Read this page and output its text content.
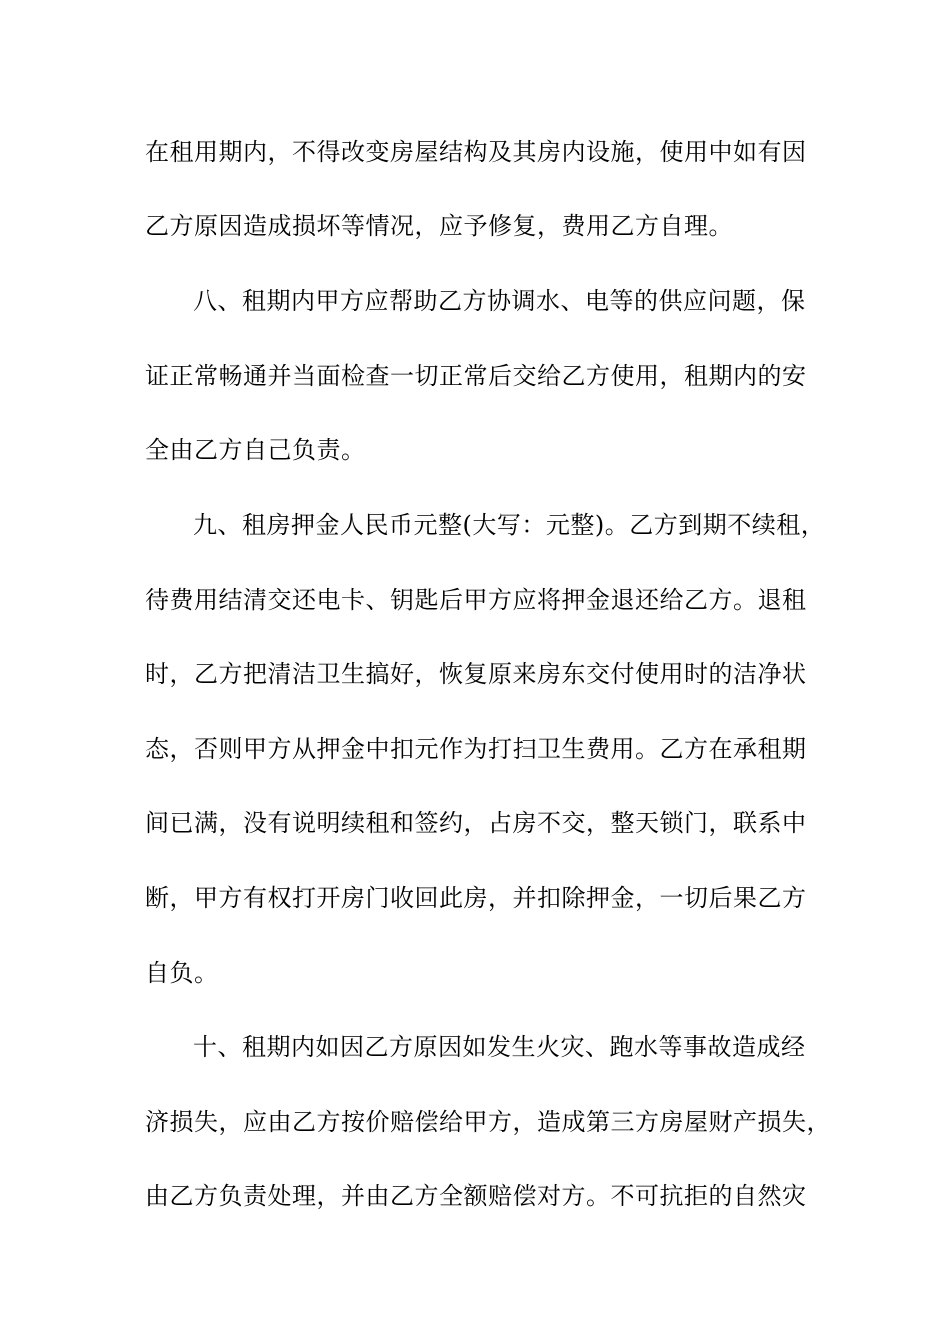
在租用期内，不得改变房屋结构及其房内设施，使用中如有因
乙方原因造成损坏等情况，应予修复，费用乙方自理。
八、租期内甲方应帮助乙方协调水、电等的供应问题，保
证正常畅通并当面检查一切正常后交给乙方使用，租期内的安
全由乙方自己负责。
九、租房押金人民币元整(大写：元整)。乙方到期不续租，
待费用结清交还电卡、钥匙后甲方应将押金退还给乙方。退租
时，乙方把清洁卫生搞好，恢复原来房东交付使用时的洁净状
态，否则甲方从押金中扣元作为打扫卫生费用。乙方在承租期
间已满，没有说明续租和签约，占房不交，整天锁门，联系中
断，甲方有权打开房门收回此房，并扣除押金，一切后果乙方
自负。
十、租期内如因乙方原因如发生火灾、跑水等事故造成经
济损失，应由乙方按价赔偿给甲方，造成第三方房屋财产损失，
由乙方负责处理，并由乙方全额赔偿对方。不可抗拒的自然灾
